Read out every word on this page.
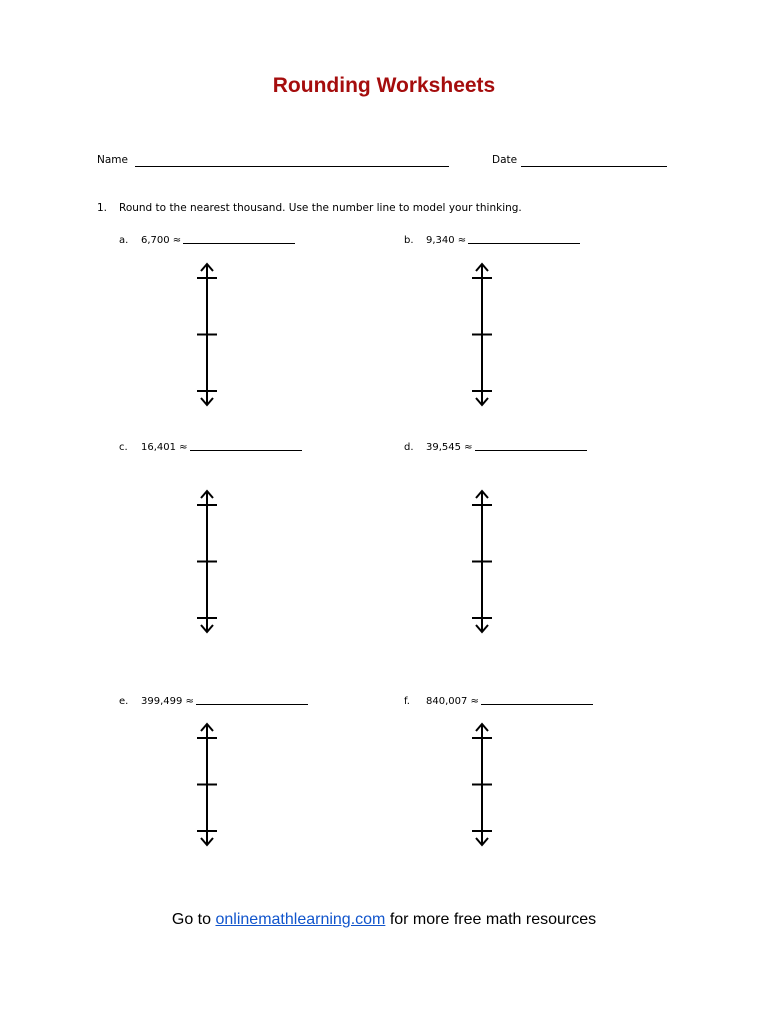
Rounding Worksheets
Name	Date
1. Round to the nearest thousand. Use the number line to model your thinking.
a. 6,700 ≈	b. 9,340 ≈
c. 16,401 ≈	d. 39,545 ≈
e. 399,499 ≈	f. 840,007 ≈
Go to onlinemathlearning.com for more free math resources
